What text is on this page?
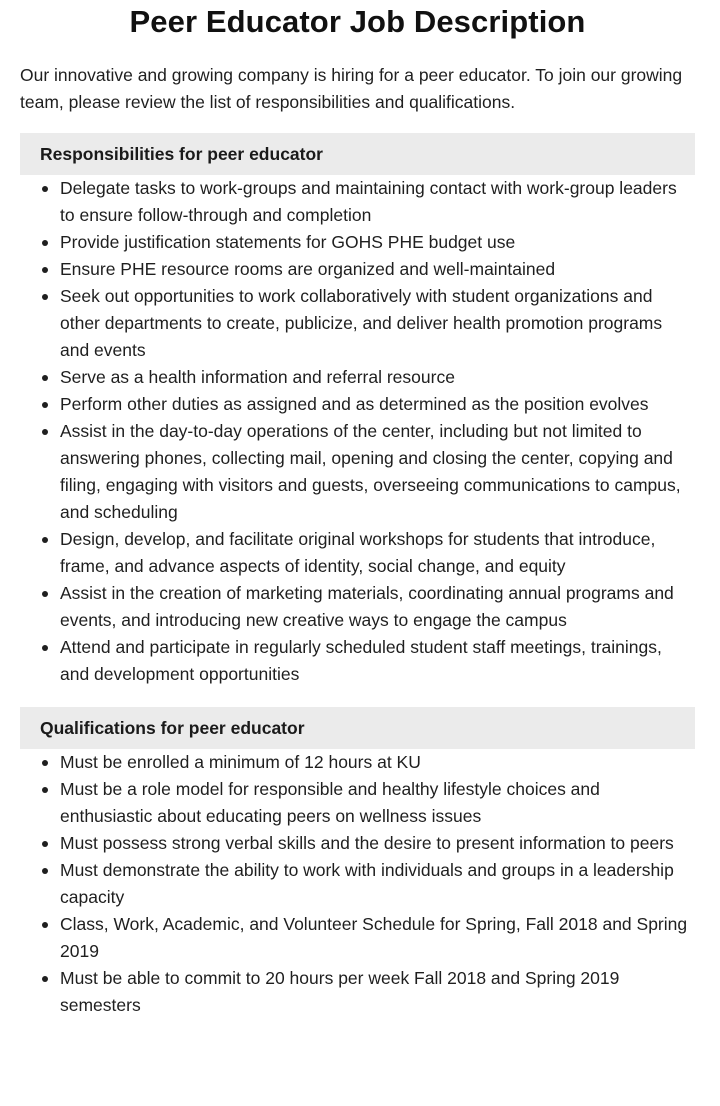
Peer Educator Job Description

Our innovative and growing company is hiring for a peer educator. To join our growing team, please review the list of responsibilities and qualifications.

Responsibilities for peer educator
Delegate tasks to work-groups and maintaining contact with work-group leaders to ensure follow-through and completion
Provide justification statements for GOHS PHE budget use
Ensure PHE resource rooms are organized and well-maintained
Seek out opportunities to work collaboratively with student organizations and other departments to create, publicize, and deliver health promotion programs and events
Serve as a health information and referral resource
Perform other duties as assigned and as determined as the position evolves
Assist in the day-to-day operations of the center, including but not limited to answering phones, collecting mail, opening and closing the center, copying and filing, engaging with visitors and guests, overseeing communications to campus, and scheduling
Design, develop, and facilitate original workshops for students that introduce, frame, and advance aspects of identity, social change, and equity
Assist in the creation of marketing materials, coordinating annual programs and events, and introducing new creative ways to engage the campus
Attend and participate in regularly scheduled student staff meetings, trainings, and development opportunities
Qualifications for peer educator
Must be enrolled a minimum of 12 hours at KU
Must be a role model for responsible and healthy lifestyle choices and enthusiastic about educating peers on wellness issues
Must possess strong verbal skills and the desire to present information to peers
Must demonstrate the ability to work with individuals and groups in a leadership capacity
Class, Work, Academic, and Volunteer Schedule for Spring, Fall 2018 and Spring 2019
Must be able to commit to 20 hours per week Fall 2018 and Spring 2019 semesters
